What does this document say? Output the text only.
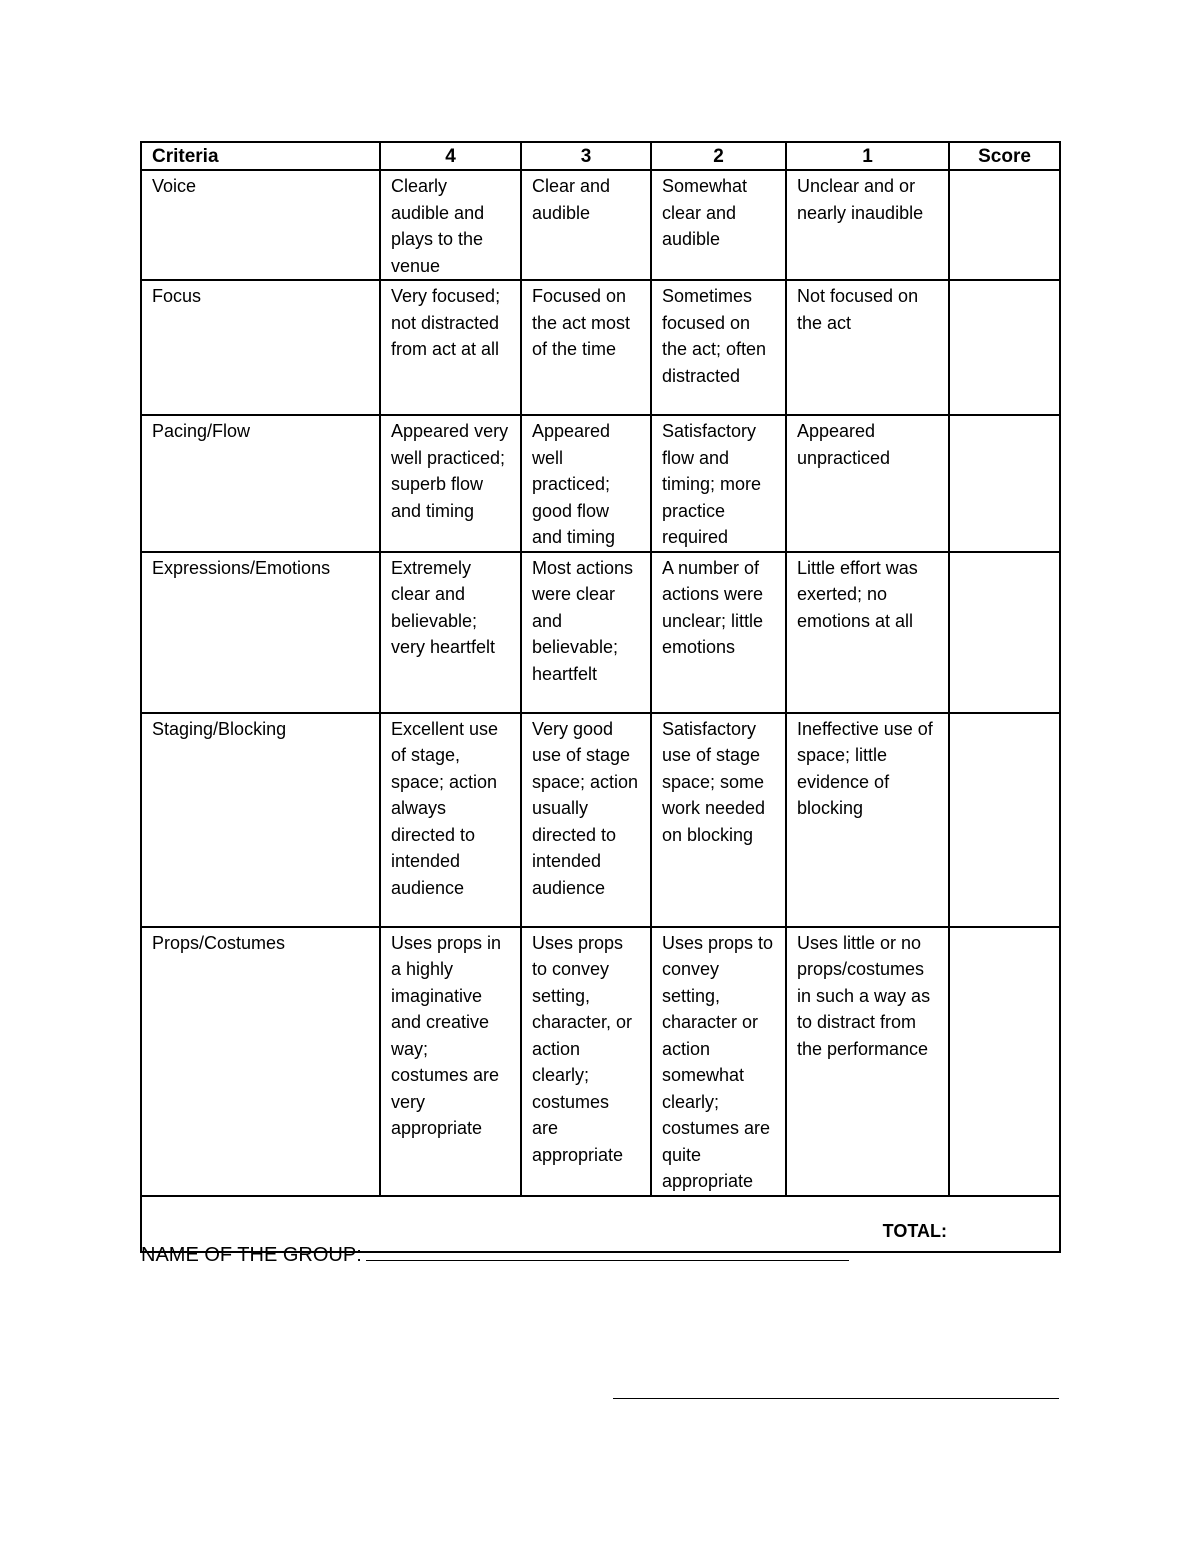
Criteria	4	3	2	1	Score
Voice	Clearly audible and plays to the venue	Clear and audible	Somewhat clear and audible	Unclear and or nearly inaudible	
Focus	Very focused; not distracted from act at all	Focused on the act most of the time	Sometimes focused on the act; often distracted	Not focused on the act	
Pacing/Flow	Appeared very well practiced; superb flow and timing	Appeared well practiced; good flow and timing	Satisfactory flow and timing; more practice required	Appeared unpracticed	
Expressions/Emotions	Extremely clear and believable; very heartfelt	Most actions were clear and believable; heartfelt	A number of actions were unclear; little emotions	Little effort was exerted; no emotions at all	
Staging/Blocking	Excellent use of stage, space; action always directed to intended audience	Very good use of stage space; action usually directed to intended audience	Satisfactory use of stage space; some work needed on blocking	Ineffective use of space; little evidence of blocking	
Props/Costumes	Uses props in a highly imaginative and creative way; costumes are very appropriate	Uses props to convey setting, character, or action clearly; costumes are appropriate	Uses props to convey setting, character or action somewhat clearly; costumes are quite appropriate	Uses little or no props/costumes in such a way as to distract from the performance	

TOTAL:					
NAME OF THE GROUP:
